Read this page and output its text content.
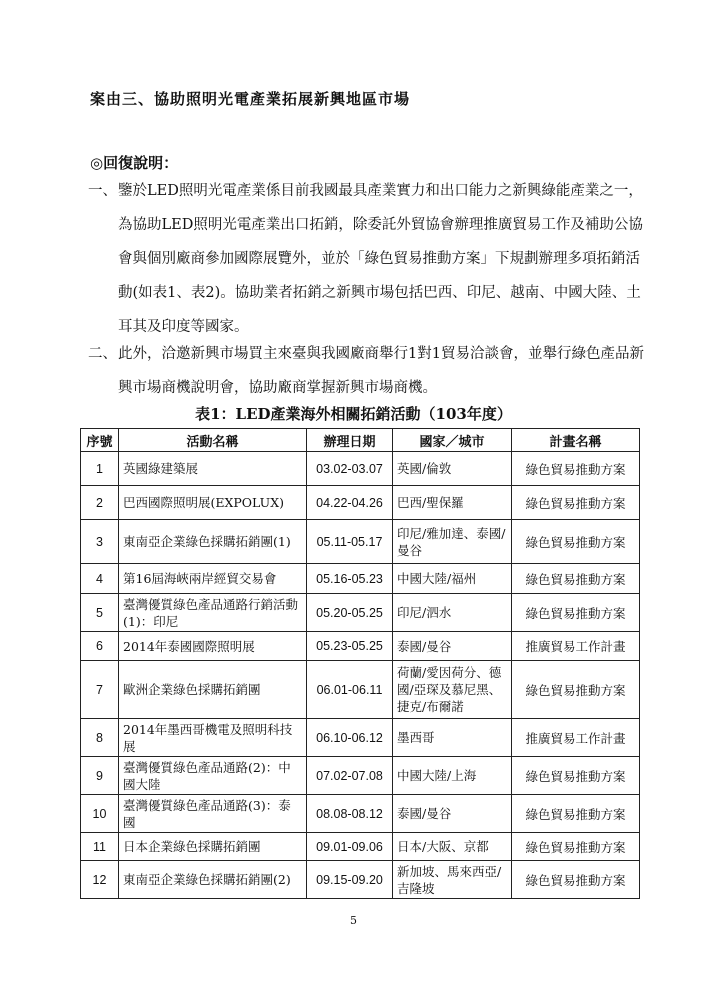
案由三、協助照明光電產業拓展新興地區市場
◎回復說明：
一、 鑒於LED照明光電產業係目前我國最具產業實力和出口能力之新興綠能產業之一，為協助LED照明光電產業出口拓銷，除委託外貿協會辦理推廣貿易工作及補助公協會與個別廠商參加國際展覽外，並於「綠色貿易推動方案」下規劃辦理多項拓銷活動(如表1、表2)。協助業者拓銷之新興市場包括巴西、印尼、越南、中國大陸、土耳其及印度等國家。
二、 此外，洽邀新興市場買主來臺與我國廠商舉行1對1貿易洽談會，並舉行綠色產品新興市場商機說明會，協助廠商掌握新興市場商機。
表1：LED產業海外相關拓銷活動（103年度）
序號	活動名稱	辦理日期	國家／城市	計畫名稱
1	英國綠建築展	03.02-03.07	英國/倫敦	綠色貿易推動方案
2	巴西國際照明展(EXPOLUX)	04.22-04.26	巴西/聖保羅	綠色貿易推動方案
3	東南亞企業綠色採購拓銷團(1)	05.11-05.17	印尼/雅加達、泰國/曼谷	綠色貿易推動方案
4	第16屆海峽兩岸經貿交易會	05.16-05.23	中國大陸/福州	綠色貿易推動方案
5	臺灣優質綠色產品通路行銷活動(1)：印尼	05.20-05.25	印尼/泗水	綠色貿易推動方案
6	2014年泰國國際照明展	05.23-05.25	泰國/曼谷	推廣貿易工作計畫
7	歐洲企業綠色採購拓銷團	06.01-06.11	荷蘭/愛因荷分、德國/亞琛及慕尼黑、捷克/布爾諾	綠色貿易推動方案
8	2014年墨西哥機電及照明科技展	06.10-06.12	墨西哥	推廣貿易工作計畫
9	臺灣優質綠色產品通路(2)：中國大陸	07.02-07.08	中國大陸/上海	綠色貿易推動方案
10	臺灣優質綠色產品通路(3)：泰國	08.08-08.12	泰國/曼谷	綠色貿易推動方案
11	日本企業綠色採購拓銷團	09.01-09.06	日本/大阪、京都	綠色貿易推動方案
12	東南亞企業綠色採購拓銷團(2)	09.15-09.20	新加坡、馬來西亞/吉隆坡	綠色貿易推動方案
5
